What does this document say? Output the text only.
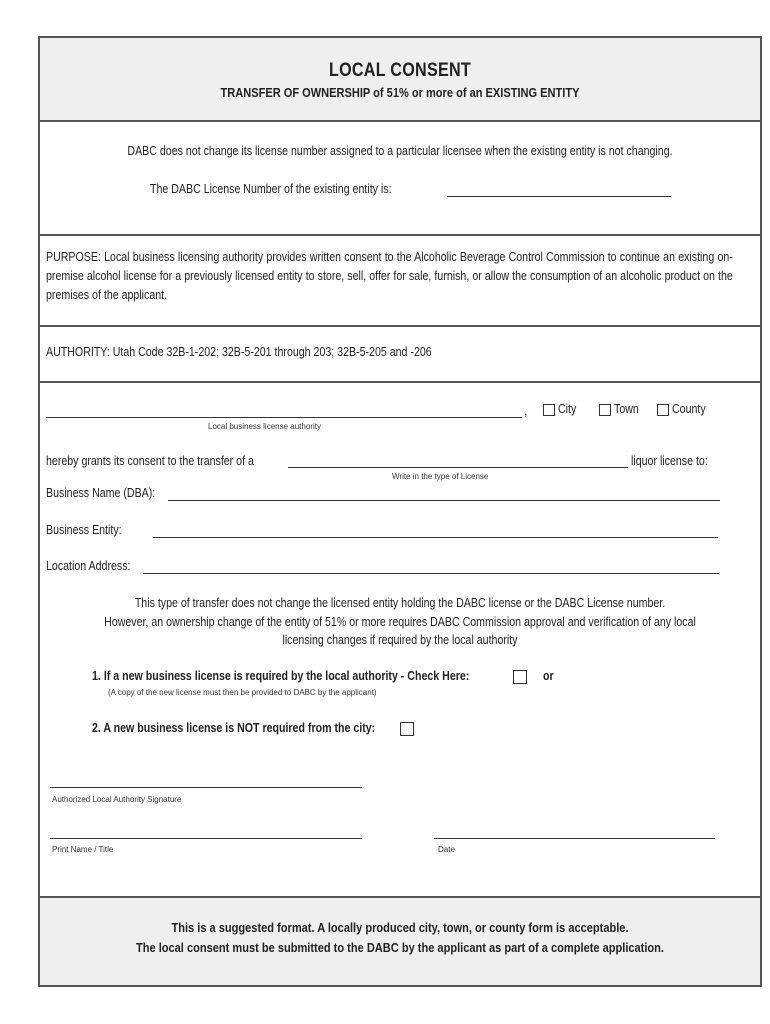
LOCAL CONSENT
TRANSFER OF OWNERSHIP of 51% or more of an EXISTING ENTITY
DABC does not change its license number assigned to a particular licensee when the existing entity is not changing.
The DABC License Number of the existing entity is:
PURPOSE: Local business licensing authority provides written consent to the Alcoholic Beverage Control Commission to continue an existing on-premise alcohol license for a previously licensed entity to store, sell, offer for sale, furnish, or allow the consumption of an alcoholic product on the premises of the applicant.
AUTHORITY: Utah Code 32B-1-202; 32B-5-201 through 203; 32B-5-205 and -206
, City	Town	County
Local business license authority
hereby grants its consent to the transfer of a	liquor license to:
Write in the type of License
Business Name (DBA):
Business Entity:
Location Address:
This type of transfer does not change the licensed entity holding the DABC license or the DABC License number.
However, an ownership change of the entity of 51% or more requires DABC Commission approval and verification of any local
licensing changes if required by the local authority
1. If a new business license is required by the local authority - Check Here:	or
(A copy of the new license must then be provided to DABC by the applicant)
2. A new business license is NOT required from the city:
Authorized Local Authority Signature
Print Name / Title	Date
This is a suggested format. A locally produced city, town, or county form is acceptable.
The local consent must be submitted to the DABC by the applicant as part of a complete application.
